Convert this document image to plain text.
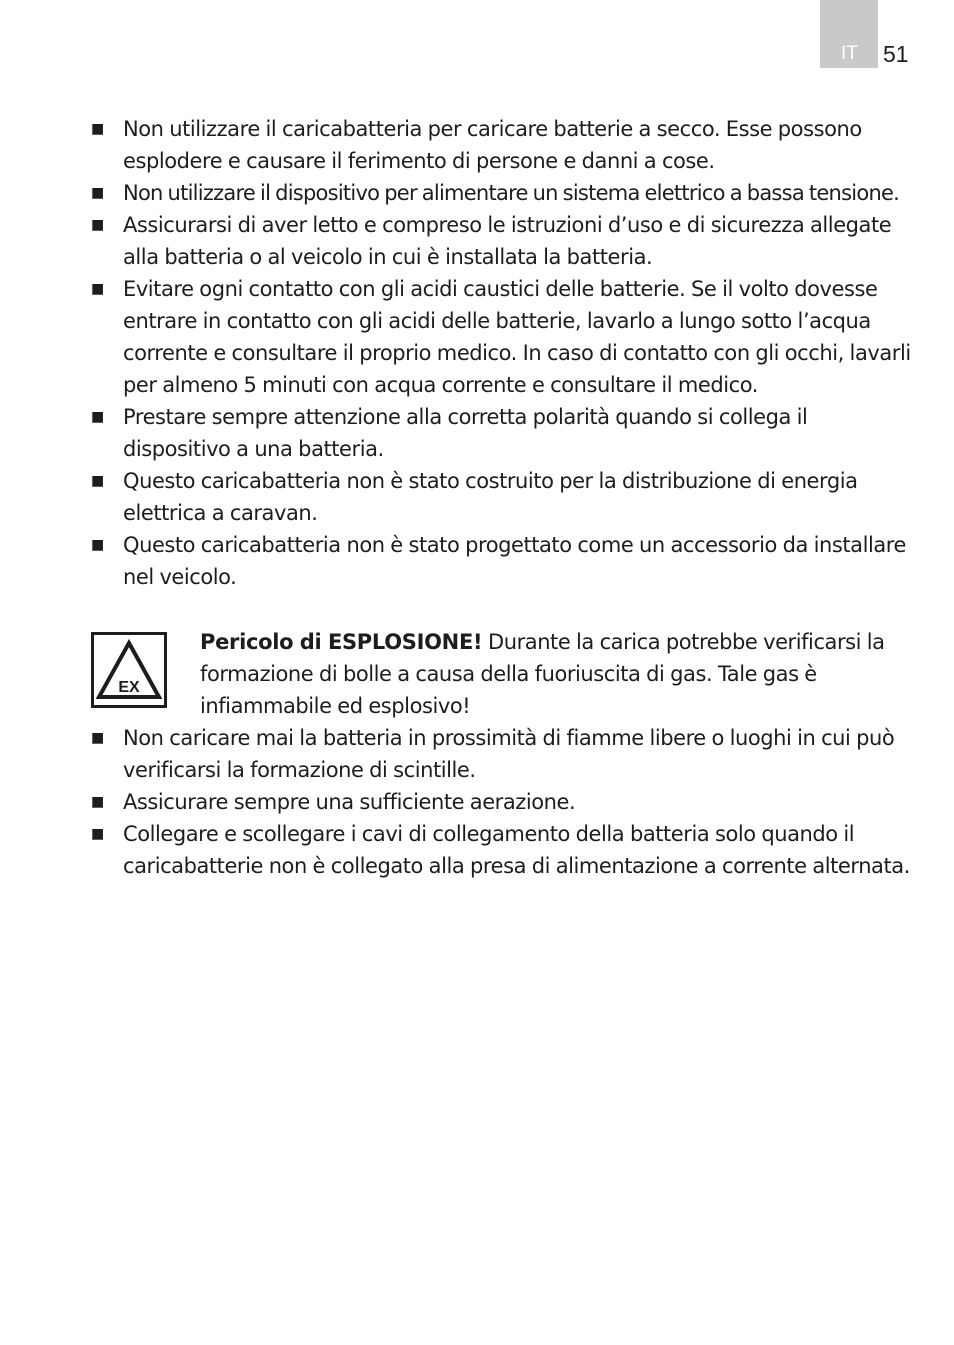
IT 51
■ Non utilizzare il caricabatteria per caricare batterie a secco. Esse possono esplodere e causare il ferimento di persone e danni a cose.
■ Non utilizzare il dispositivo per alimentare un sistema elettrico a bassa tensione.
■ Assicurarsi di aver letto e compreso le istruzioni d’uso e di sicurezza allegate alla batteria o al veicolo in cui è installata la batteria.
■ Evitare ogni contatto con gli acidi caustici delle batterie. Se il volto dovesse entrare in contatto con gli acidi delle batterie, lavarlo a lungo sotto l’acqua corrente e consultare il proprio medico. In caso di contatto con gli occhi, lavarli per almeno 5 minuti con acqua corrente e consultare il medico.
■ Prestare sempre attenzione alla corretta polarità quando si collega il dispositivo a una batteria.
■ Questo caricabatteria non è stato costruito per la distribuzione di energia elettrica a caravan.
■ Questo caricabatteria non è stato progettato come un accessorio da installare nel veicolo.
EX
Pericolo di ESPLOSIONE! Durante la carica potrebbe verificarsi la formazione di bolle a causa della fuoriuscita di gas. Tale gas è infiammabile ed esplosivo!
■ Non caricare mai la batteria in prossimità di fiamme libere o luoghi in cui può verificarsi la formazione di scintille.
■ Assicurare sempre una sufficiente aerazione.
■ Collegare e scollegare i cavi di collegamento della batteria solo quando il caricabatterie non è collegato alla presa di alimentazione a corrente alternata.
